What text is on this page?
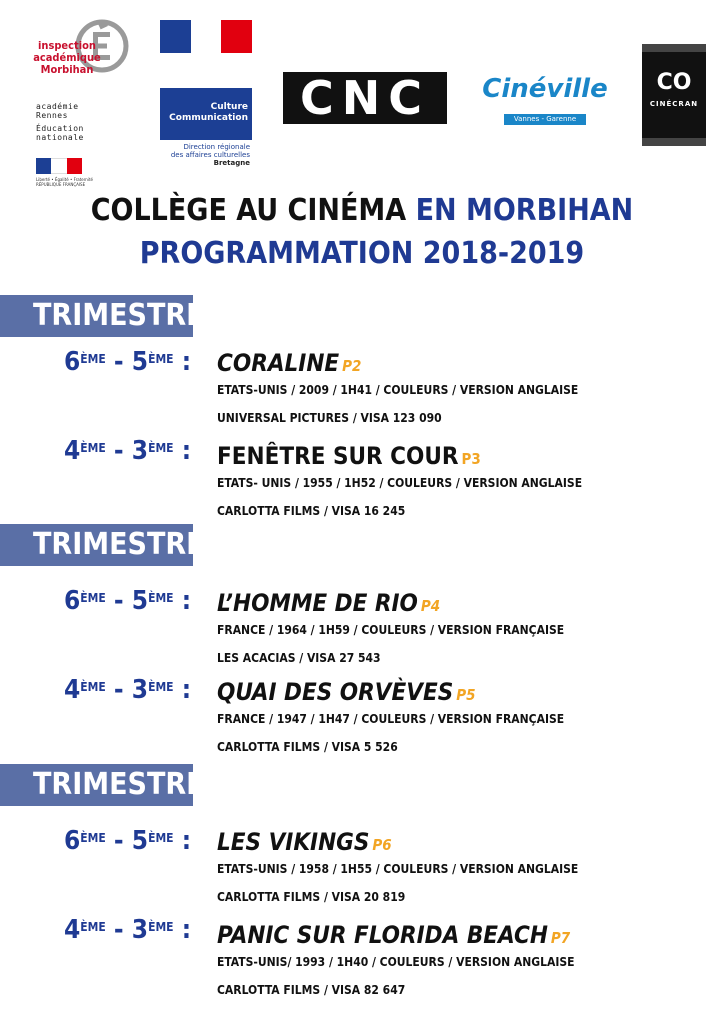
inspection
académique
Morbihan
académie
Rennes
Éducation
nationale
Liberté • Égalité • Fraternité RÉPUBLIQUE FRANÇAISE
Culture
Communication
Direction régionale
des affaires culturelles
Bretagne
CNC	Cinéville
Vannes - Garenne
CO
CINÉCRAN
COLLÈGE AU CINÉMA EN MORBIHAN
PROGRAMMATION 2018-2019
TRIMESTRE 1 6ÈME - 5ÈME :	CORALINE P2
ETATS-UNIS / 2009 / 1H41 / COULEURS / VERSION ANGLAISE
UNIVERSAL PICTURES / VISA 123 090
4ÈME - 3ÈME :	FENÊTRE SUR COUR P3
ETATS- UNIS / 1955 / 1H52 / COULEURS / VERSION ANGLAISE
CARLOTTA FILMS / VISA 16 245
TRIMESTRE 2 6ÈME - 5ÈME :	L’HOMME DE RIO P4
FRANCE / 1964 / 1H59 / COULEURS / VERSION FRANÇAISE
LES ACACIAS / VISA 27 543
4ÈME - 3ÈME :	QUAI DES ORVÈVES P5
FRANCE / 1947 / 1H47 / COULEURS / VERSION FRANÇAISE
CARLOTTA FILMS / VISA 5 526
TRIMESTRE 3 6ÈME - 5ÈME :	LES VIKINGS P6
ETATS-UNIS / 1958 / 1H55 / COULEURS / VERSION ANGLAISE
CARLOTTA FILMS / VISA 20 819
4ÈME - 3ÈME :	PANIC SUR FLORIDA BEACH P7
ETATS-UNIS/ 1993 / 1H40 / COULEURS / VERSION ANGLAISE
CARLOTTA FILMS / VISA 82 647
